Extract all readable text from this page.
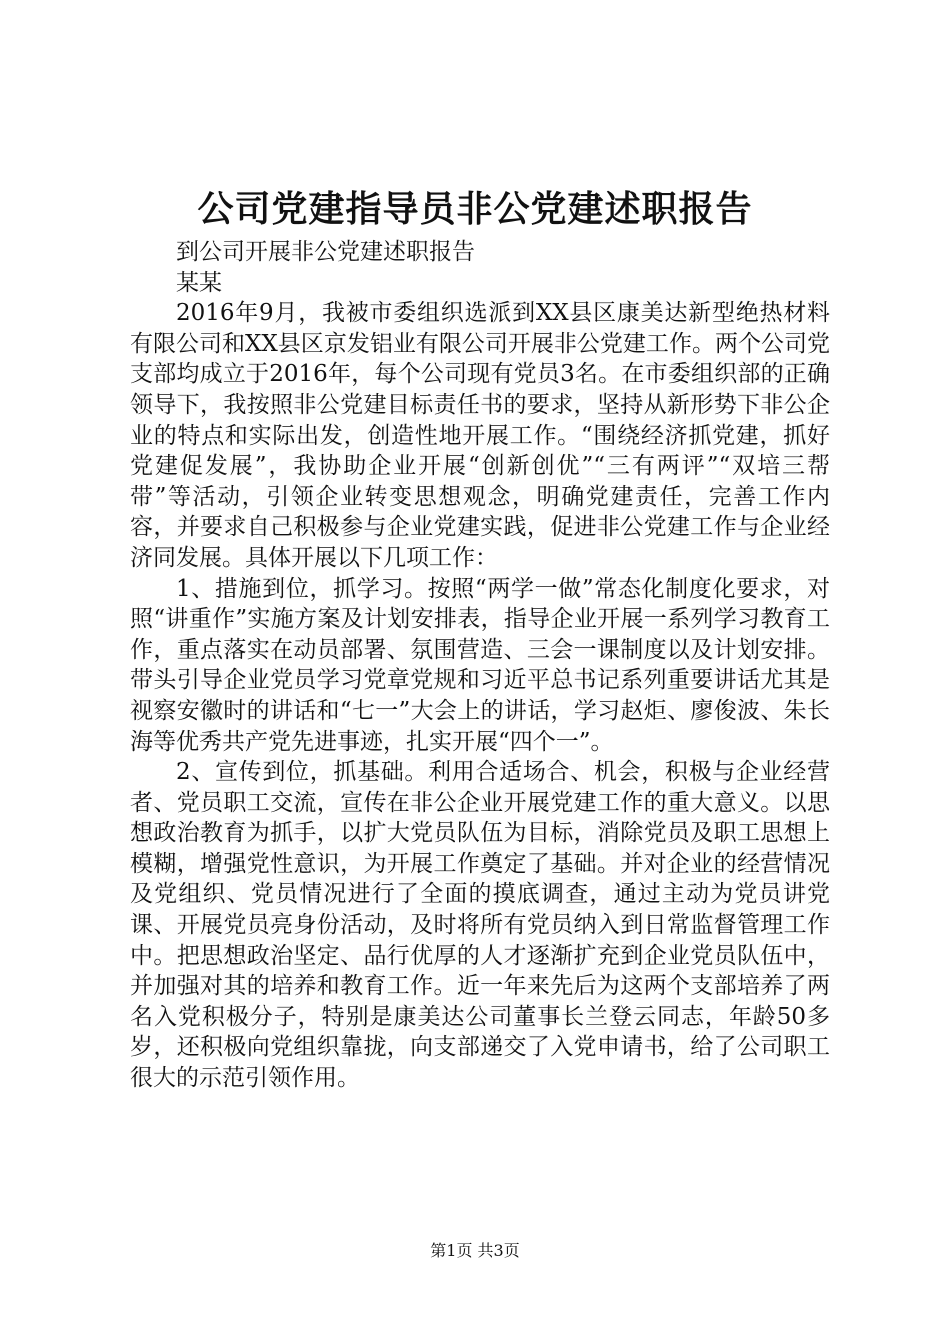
公司党建指导员非公党建述职报告

到公司开展非公党建述职报告

某某

2016年9月，我被市委组织选派到XX县区康美达新型绝热材料有限公司和XX县区京发铝业有限公司开展非公党建工作。两个公司党支部均成立于2016年，每个公司现有党员3名。在市委组织部的正确领导下，我按照非公党建目标责任书的要求，坚持从新形势下非公企业的特点和实际出发，创造性地开展工作。“围绕经济抓党建，抓好党建促发展”，我协助企业开展“创新创优”“三有两评”“双培三帮带”等活动，引领企业转变思想观念，明确党建责任，完善工作内容，并要求自己积极参与企业党建实践，促进非公党建工作与企业经济同发展。具体开展以下几项工作：

1、措施到位，抓学习。按照“两学一做”常态化制度化要求，对照“讲重作”实施方案及计划安排表，指导企业开展一系列学习教育工作，重点落实在动员部署、氛围营造、三会一课制度以及计划安排。带头引导企业党员学习党章党规和习近平总书记系列重要讲话尤其是视察安徽时的讲话和“七一”大会上的讲话，学习赵炬、廖俊波、朱长海等优秀共产党先进事迹，扎实开展“四个一”。

2、宣传到位，抓基础。利用合适场合、机会，积极与企业经营者、党员职工交流，宣传在非公企业开展党建工作的重大意义。以思想政治教育为抓手，以扩大党员队伍为目标，消除党员及职工思想上模糊，增强党性意识，为开展工作奠定了基础。并对企业的经营情况及党组织、党员情况进行了全面的摸底调查，通过主动为党员讲党课、开展党员亮身份活动，及时将所有党员纳入到日常监督管理工作中。把思想政治坚定、品行优厚的人才逐渐扩充到企业党员队伍中，并加强对其的培养和教育工作。近一年来先后为这两个支部培养了两名入党积极分子，特别是康美达公司董事长兰登云同志，年龄50多岁，还积极向党组织靠拢，向支部递交了入党申请书，给了公司职工很大的示范引领作用。

第1页 共3页
